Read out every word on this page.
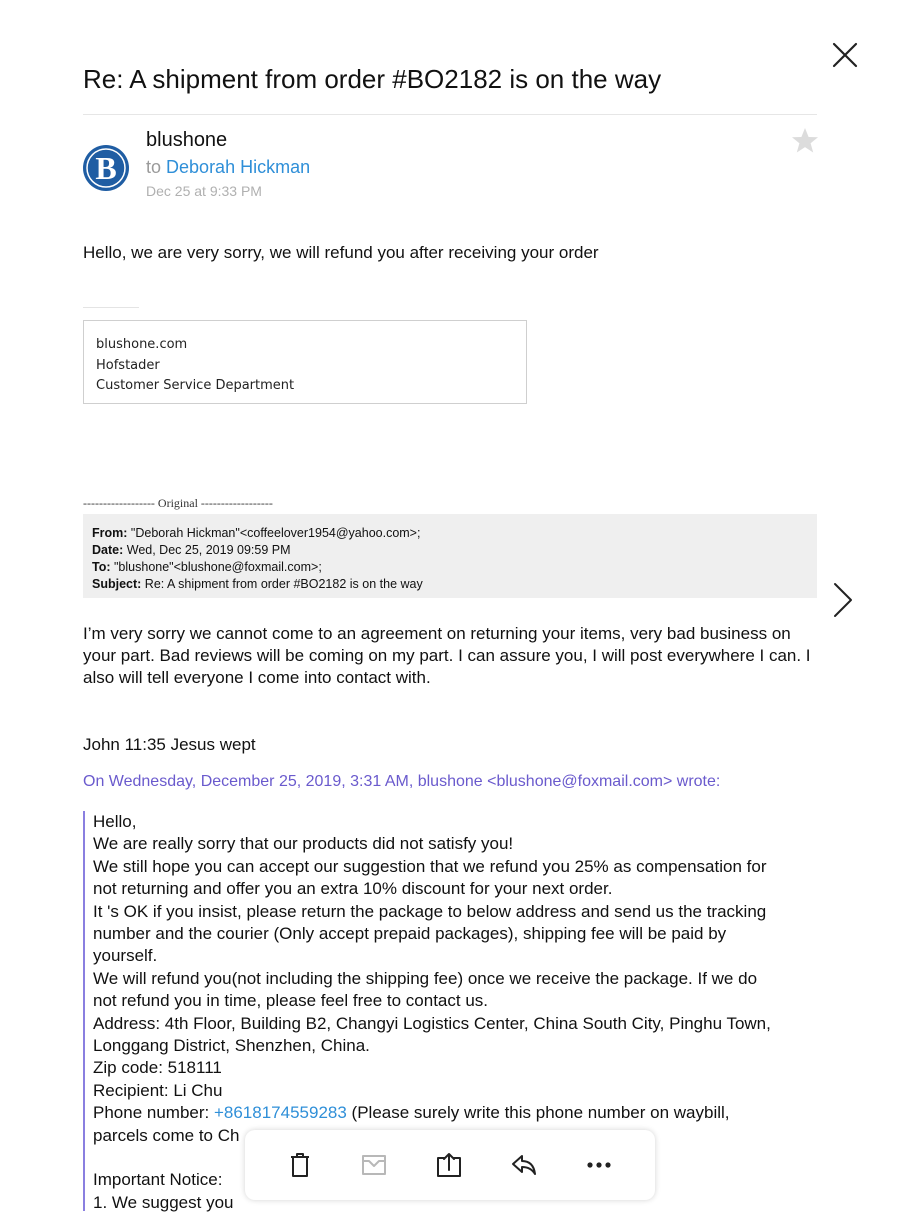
Re: A shipment from order #BO2182 is on the way
B
blushone
to Deborah Hickman
Dec 25 at 9:33 PM
Hello, we are very sorry, we will refund you after receiving your order
blushone.com
Hofstader
Customer Service Department
------------------ Original ------------------
From: "Deborah Hickman"<coffeelover1954@yahoo.com>;
Date: Wed, Dec 25, 2019 09:59 PM
To: "blushone"<blushone@foxmail.com>;
Subject: Re: A shipment from order #BO2182 is on the way
I’m very sorry we cannot come to an agreement on returning your items, very bad business on your part. Bad reviews will be coming on my part. I can assure you, I will post everywhere I can. I also will tell everyone I come into contact with.
John 11:35 Jesus wept
On Wednesday, December 25, 2019, 3:31 AM, blushone <blushone@foxmail.com> wrote:
Hello,
We are really sorry that our products did not satisfy you!
We still hope you can accept our suggestion that we refund you 25% as compensation for
not returning and offer you an extra 10% discount for your next order.
It 's OK if you insist, please return the package to below address and send us the tracking
number and the courier (Only accept prepaid packages), shipping fee will be paid by
yourself.
We will refund you(not including the shipping fee) once we receive the package. If we do
not refund you in time, please feel free to contact us.
Address: 4th Floor, Building B2, Changyi Logistics Center, China South City, Pinghu Town,
Longgang District, Shenzhen, China.
Zip code: 518111
Recipient: Li Chu
Phone number: +8618174559283 (Please surely write this phone number on waybill,
parcels come to Ch
Important Notice:
1. We suggest you
